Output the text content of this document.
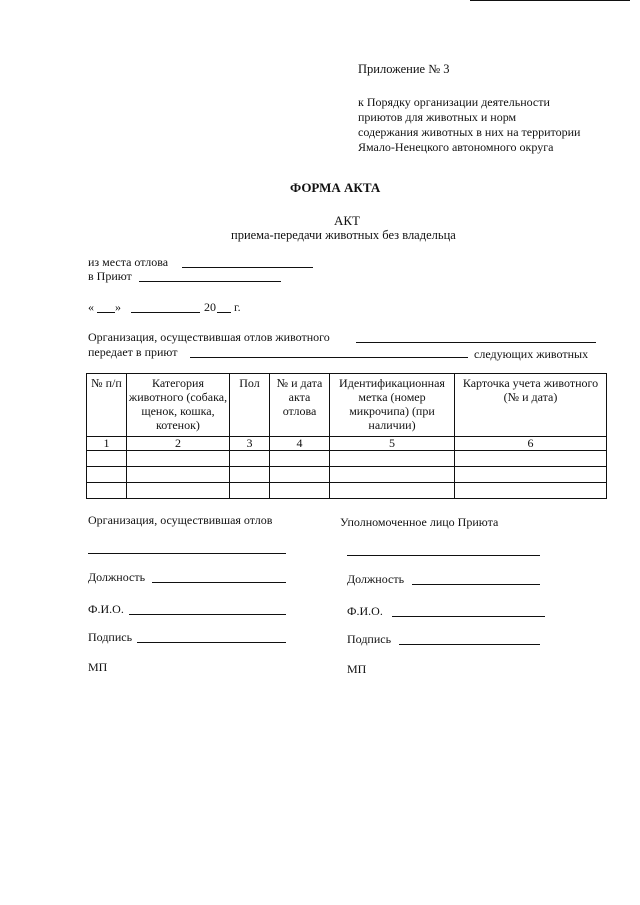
Приложение № 3
к Порядку организации деятельности
приютов для животных и норм
содержания животных в них на территории
Ямало-Ненецкого автономного округа
ФОРМА АКТА
АКТ
приема-передачи животных без владельца
из места отлова
в Приют
« »	20 г.
Организация, осуществившая отлов животного
передает в приют	следующих животных
№ п/п	Категория животного (собака, щенок, кошка, котенок)	Пол	№ и дата акта отлова	Идентификационная метка (номер микрочипа) (при наличии)	Карточка учета животного (№ и дата)
1	2	3	4	5	6

Организация, осуществившая отлов
Должность
Ф.И.О.
Подпись
МП
Уполномоченное лицо Приюта
Должность
Ф.И.О.
Подпись
МП
